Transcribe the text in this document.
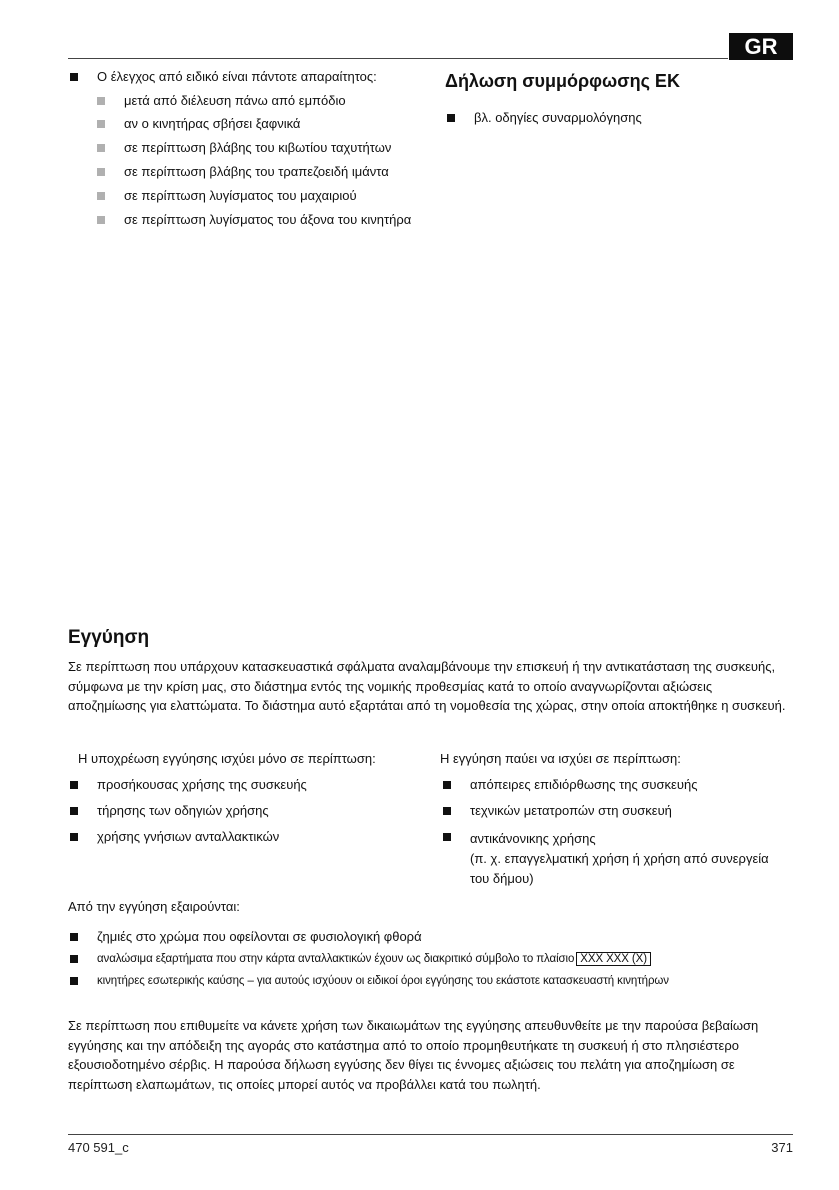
GR
Ο έλεγχος από ειδικό είναι πάντοτε απαραίτητος:
μετά από διέλευση πάνω από εμπόδιο
αν ο κινητήρας σβήσει ξαφνικά
σε περίπτωση βλάβης του κιβωτίου ταχυτήτων
σε περίπτωση βλάβης του τραπεζοειδή ιμάντα
σε περίπτωση λυγίσματος του μαχαιριού
σε περίπτωση λυγίσματος του άξονα του κινητήρα
Δήλωση συμμόρφωσης ΕΚ
βλ. οδηγίες συναρμολόγησης
Εγγύηση
Σε περίπτωση που υπάρχουν κατασκευαστικά σφάλματα αναλαμβάνουμε την επισκευή ή την αντικατάσταση της συσκευής, σύμφωνα με την κρίση μας, στο διάστημα εντός της νομικής προθεσμίας κατά το οποίο αναγνωρίζονται αξιώσεις αποζημίωσης για ελαττώματα. Το διάστημα αυτό εξαρτάται από τη νομοθεσία της χώρας, στην οποία αποκτήθηκε η συσκευή.
Η υποχρέωση εγγύησης ισχύει μόνο σε περίπτωση:	Η εγγύηση παύει να ισχύει σε περίπτωση:
προσήκουσας χρήσης της συσκευής
τήρησης των οδηγιών χρήσης
χρήσης γνήσιων ανταλλακτικών
απόπειρες επιδιόρθωσης της συσκευής
τεχνικών μετατροπών στη συσκευή
αντικάνονικης χρήσης
(π. χ. επαγγελματική χρήση ή χρήση από συνεργεία του δήμου)
Από την εγγύηση εξαιρούνται:
ζημιές στο χρώμα που οφείλονται σε φυσιολογική φθορά
αναλώσιμα εξαρτήματα που στην κάρτα ανταλλακτικών έχουν ως διακριτικό σύμβολο το πλαίσιο XXX XXX (X)
κινητήρες εσωτερικής καύσης – για αυτούς ισχύουν οι ειδικοί όροι εγγύησης του εκάστοτε κατασκευαστή κινητήρων
Σε περίπτωση που επιθυμείτε να κάνετε χρήση των δικαιωμάτων της εγγύησης απευθυνθείτε με την παρούσα βεβαίωση εγγύησης και την απόδειξη της αγοράς στο κατάστημα από το οποίο προμηθευτήκατε τη συσκευή ή στο πλησιέστερο εξουσιοδοτημένο σέρβις. Η παρούσα δήλωση εγγύσης δεν θίγει τις έννομες αξιώσεις του πελάτη για αποζημίωση σε περίπτωση ελαπωμάτων, τις οποίες μπορεί αυτός να προβάλλει κατά του πωλητή.
470 591_c	371
